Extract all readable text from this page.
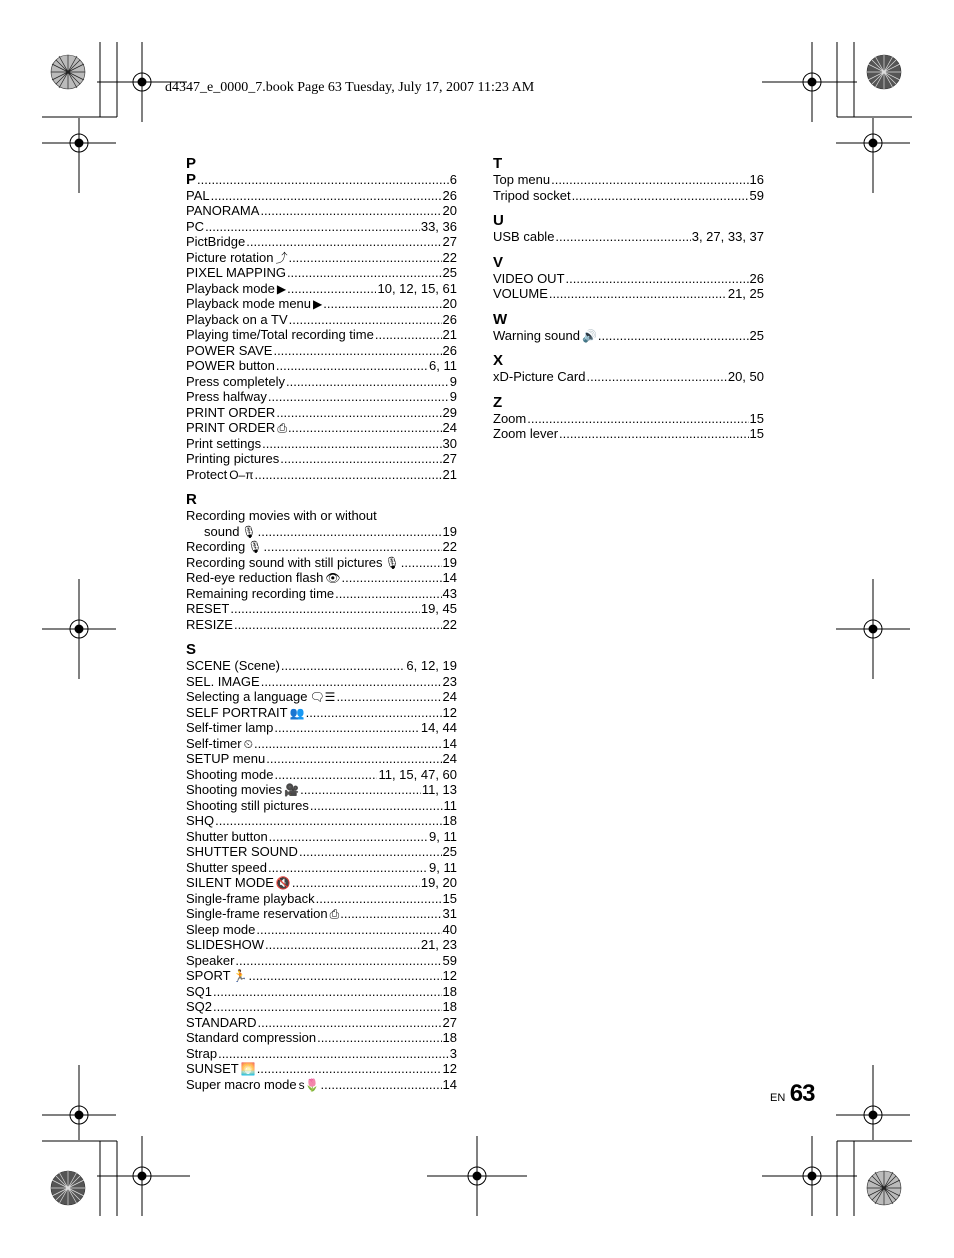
d4347_e_0000_7.book Page 63 Tuesday, July 17, 2007 11:23 AM
P
P .....	6
PAL .....	26
PANORAMA .....	20
PC .....	33, 36
PictBridge .....	27
Picture rotation ⤴ .....	22
PIXEL MAPPING .....	25
Playback mode ▶ .....	10, 12, 15, 61
Playback mode menu ▶ .....	20
Playback on a TV .....	26
Playing time/Total recording time .....	21
POWER SAVE .....	26
POWER button .....	6, 11
Press completely .....	9
Press halfway .....	9
PRINT ORDER .....	29
PRINT ORDER ⎙ .....	24
Print settings .....	30
Printing pictures .....	27
Protect O‒π .....	21
R
Recording movies with or without
sound 🎙 .....	19
Recording 🎙 .....	22
Recording sound with still pictures 🎙 .....	19
Red-eye reduction flash 👁 .....	14
Remaining recording time .....	43
RESET .....	19, 45
RESIZE .....	22
S
SCENE (Scene) .....	6, 12, 19
SEL. IMAGE .....	23
Selecting a language 🗨☰ .....	24
SELF PORTRAIT 👥 .....	12
Self-timer lamp .....	14, 44
Self-timer ⏲ .....	14
SETUP menu .....	24
Shooting mode .....	11, 15, 47, 60
Shooting movies 🎥 .....	11, 13
Shooting still pictures .....	11
SHQ .....	18
Shutter button .....	9, 11
SHUTTER SOUND .....	25
Shutter speed .....	9, 11
SILENT MODE 🔇 .....	19, 20
Single-frame playback .....	15
Single-frame reservation ⎙ .....	31
Sleep mode .....	40
SLIDESHOW .....	21, 23
Speaker .....	59
SPORT 🏃 .....	12
SQ1 .....	18
SQ2 .....	18
STANDARD .....	27
Standard compression .....	18
Strap .....	3
SUNSET 🌅 .....	12
Super macro mode s🌷 .....	14
T
Top menu .....	16
Tripod socket .....	59
U
USB cable .....	3, 27, 33, 37
V
VIDEO OUT .....	26
VOLUME .....	21, 25
W
Warning sound 🔊 .....	25
X
xD-Picture Card .....	20, 50
Z
Zoom .....	15
Zoom lever .....	15
EN 63
